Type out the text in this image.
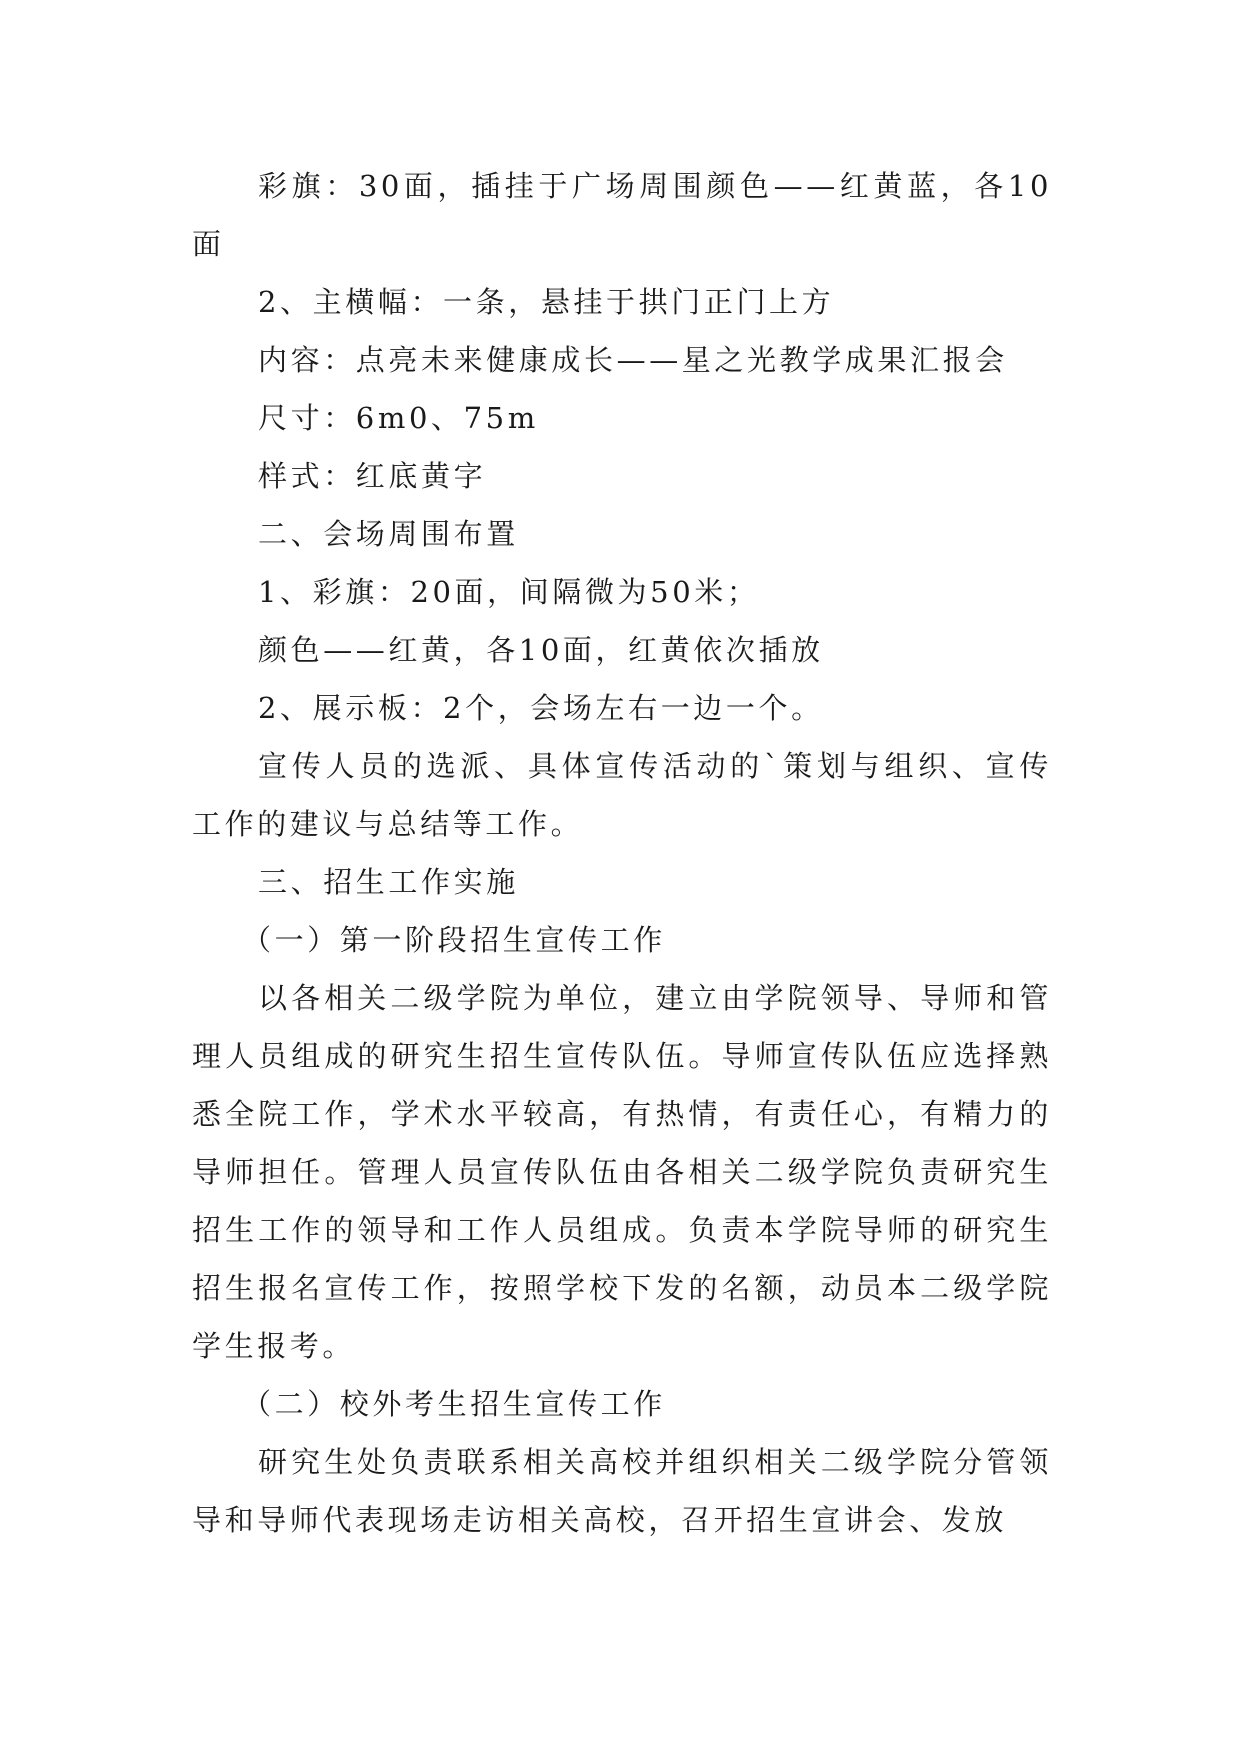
彩旗：30面，插挂于广场周围颜色——红黄蓝，各10面

2、主横幅：一条，悬挂于拱门正门上方

内容：点亮未来健康成长——星之光教学成果汇报会

尺寸：6m0、75m

样式：红底黄字

二、会场周围布置

1、彩旗：20面，间隔微为50米；

颜色——红黄，各10面，红黄依次插放

2、展示板：2个，会场左右一边一个。

宣传人员的选派、具体宣传活动的`策划与组织、宣传工作的建议与总结等工作。

三、招生工作实施

（一）第一阶段招生宣传工作

以各相关二级学院为单位，建立由学院领导、导师和管理人员组成的研究生招生宣传队伍。导师宣传队伍应选择熟悉全院工作，学术水平较高，有热情，有责任心，有精力的导师担任。管理人员宣传队伍由各相关二级学院负责研究生招生工作的领导和工作人员组成。负责本学院导师的研究生招生报名宣传工作，按照学校下发的名额，动员本二级学院学生报考。

（二）校外考生招生宣传工作

研究生处负责联系相关高校并组织相关二级学院分管领导和导师代表现场走访相关高校，召开招生宣讲会、发放
